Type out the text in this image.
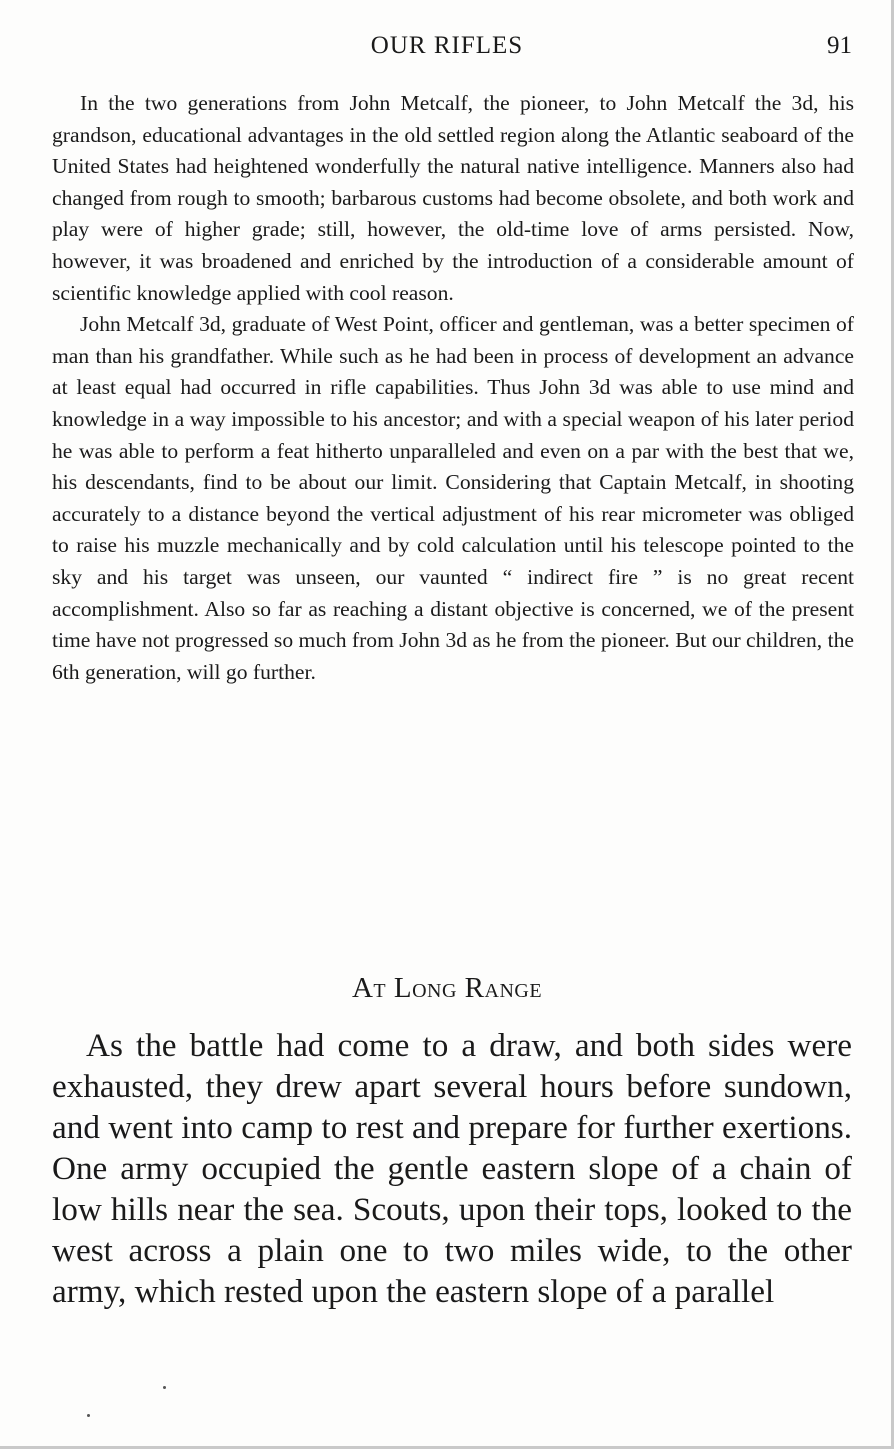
OUR RIFLES	91

In the two generations from John Metcalf, the pioneer, to John Metcalf the 3d, his grandson, educational advantages in the old settled region along the Atlantic seaboard of the United States had heightened wonderfully the natural native intelligence. Manners also had changed from rough to smooth; barbarous customs had become obsolete, and both work and play were of higher grade; still, however, the old-time love of arms persisted. Now, however, it was broadened and enriched by the introduction of a considerable amount of scientific knowledge applied with cool reason.

John Metcalf 3d, graduate of West Point, officer and gentleman, was a better specimen of man than his grandfather. While such as he had been in process of development an advance at least equal had occurred in rifle capabilities. Thus John 3d was able to use mind and knowledge in a way impossible to his ancestor; and with a special weapon of his later period he was able to perform a feat hitherto unparalleled and even on a par with the best that we, his descendants, find to be about our limit. Considering that Captain Metcalf, in shooting accurately to a distance beyond the vertical adjustment of his rear micrometer was obliged to raise his muzzle mechanically and by cold calculation until his telescope pointed to the sky and his target was unseen, our vaunted “ indirect fire ” is no great recent accomplishment. Also so far as reaching a distant objective is concerned, we of the present time have not progressed so much from John 3d as he from the pioneer. But our children, the 6th generation, will go further.

At Long Range

As the battle had come to a draw, and both sides were exhausted, they drew apart several hours before sundown, and went into camp to rest and prepare for further exertions. One army occupied the gentle eastern slope of a chain of low hills near the sea. Scouts, upon their tops, looked to the west across a plain one to two miles wide, to the other army, which rested upon the eastern slope of a parallel
